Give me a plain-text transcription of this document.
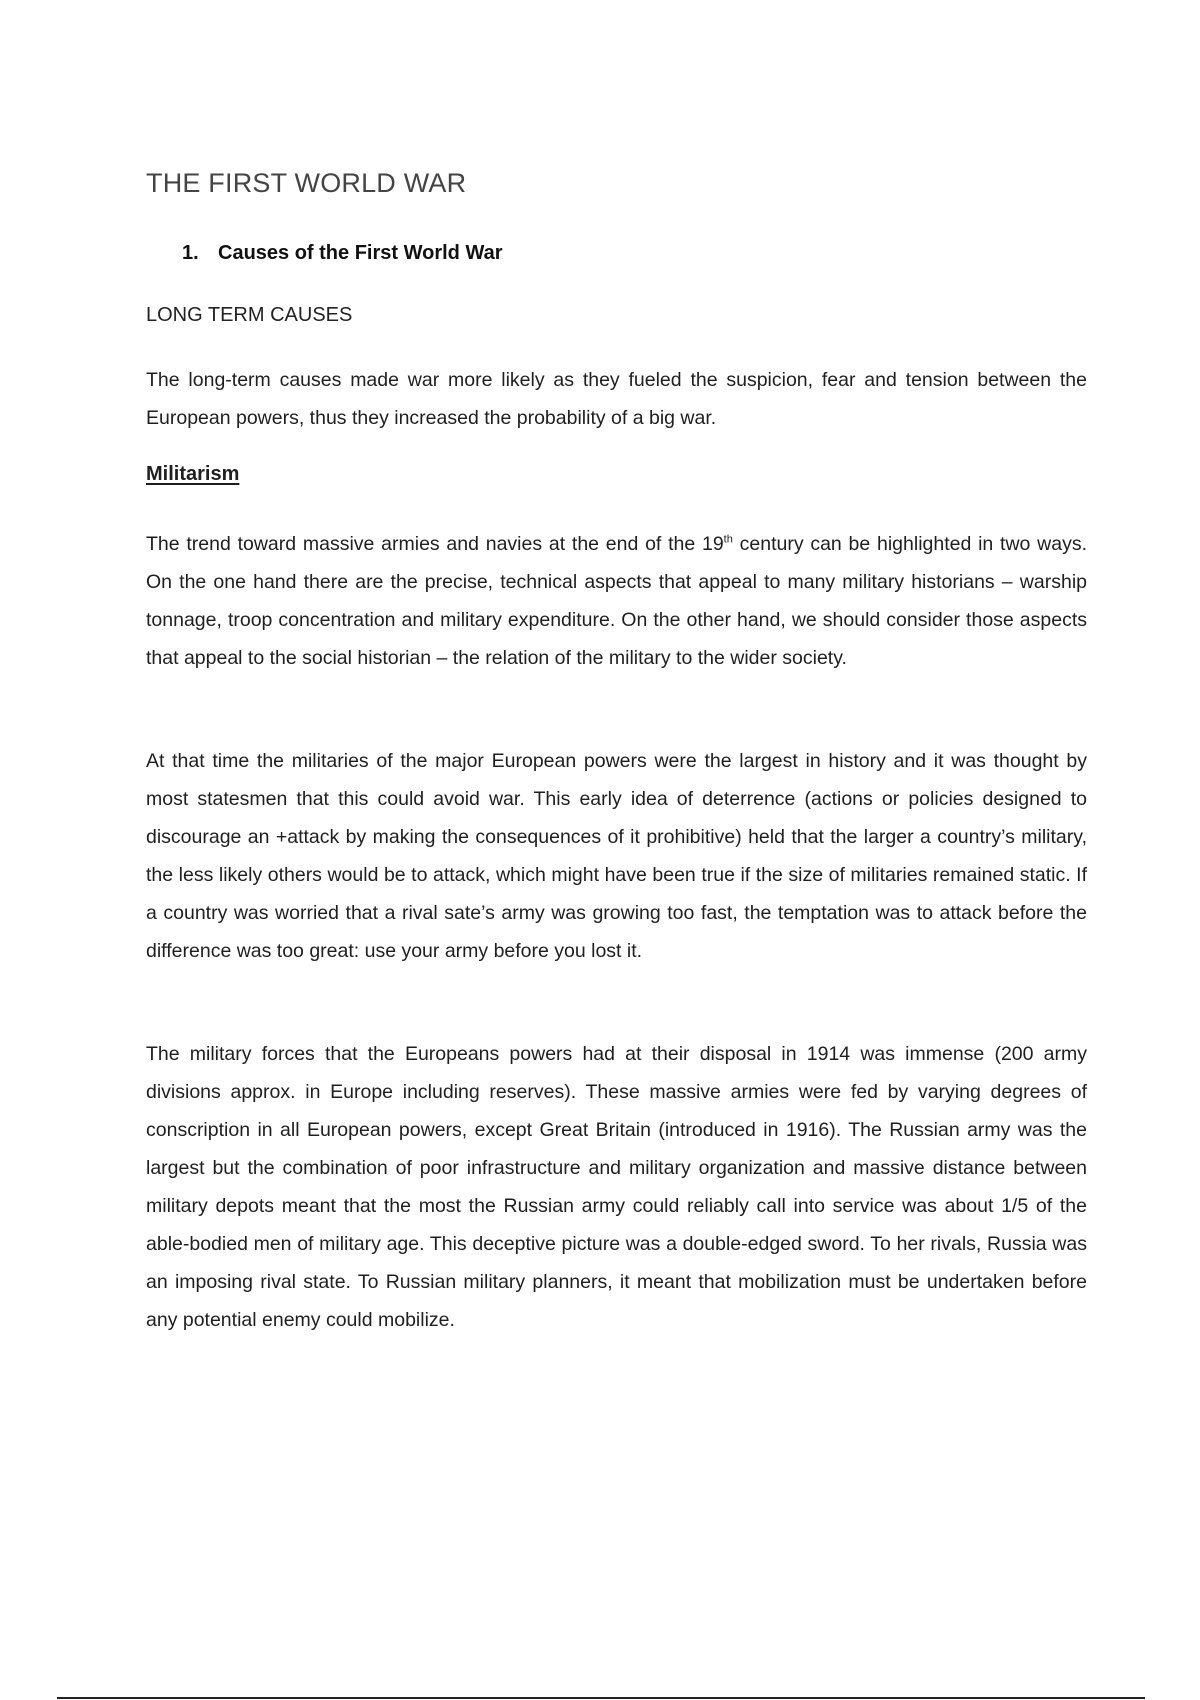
THE FIRST WORLD WAR
1. Causes of the First World War
LONG TERM CAUSES

The long-term causes made war more likely as they fueled the suspicion, fear and tension between the European powers, thus they increased the probability of a big war.

Militarism

The trend toward massive armies and navies at the end of the 19th century can be highlighted in two ways. On the one hand there are the precise, technical aspects that appeal to many military historians – warship tonnage, troop concentration and military expenditure. On the other hand, we should consider those aspects that appeal to the social historian – the relation of the military to the wider society.

At that time the militaries of the major European powers were the largest in history and it was thought by most statesmen that this could avoid war. This early idea of deterrence (actions or policies designed to discourage an +attack by making the consequences of it prohibitive) held that the larger a country’s military, the less likely others would be to attack, which might have been true if the size of militaries remained static. If a country was worried that a rival sate’s army was growing too fast, the temptation was to attack before the difference was too great: use your army before you lost it.

The military forces that the Europeans powers had at their disposal in 1914 was immense (200 army divisions approx. in Europe including reserves). These massive armies were fed by varying degrees of conscription in all European powers, except Great Britain (introduced in 1916). The Russian army was the largest but the combination of poor infrastructure and military organization and massive distance between military depots meant that the most the Russian army could reliably call into service was about 1/5 of the able-bodied men of military age. This deceptive picture was a double-edged sword. To her rivals, Russia was an imposing rival state. To Russian military planners, it meant that mobilization must be undertaken before any potential enemy could mobilize.
